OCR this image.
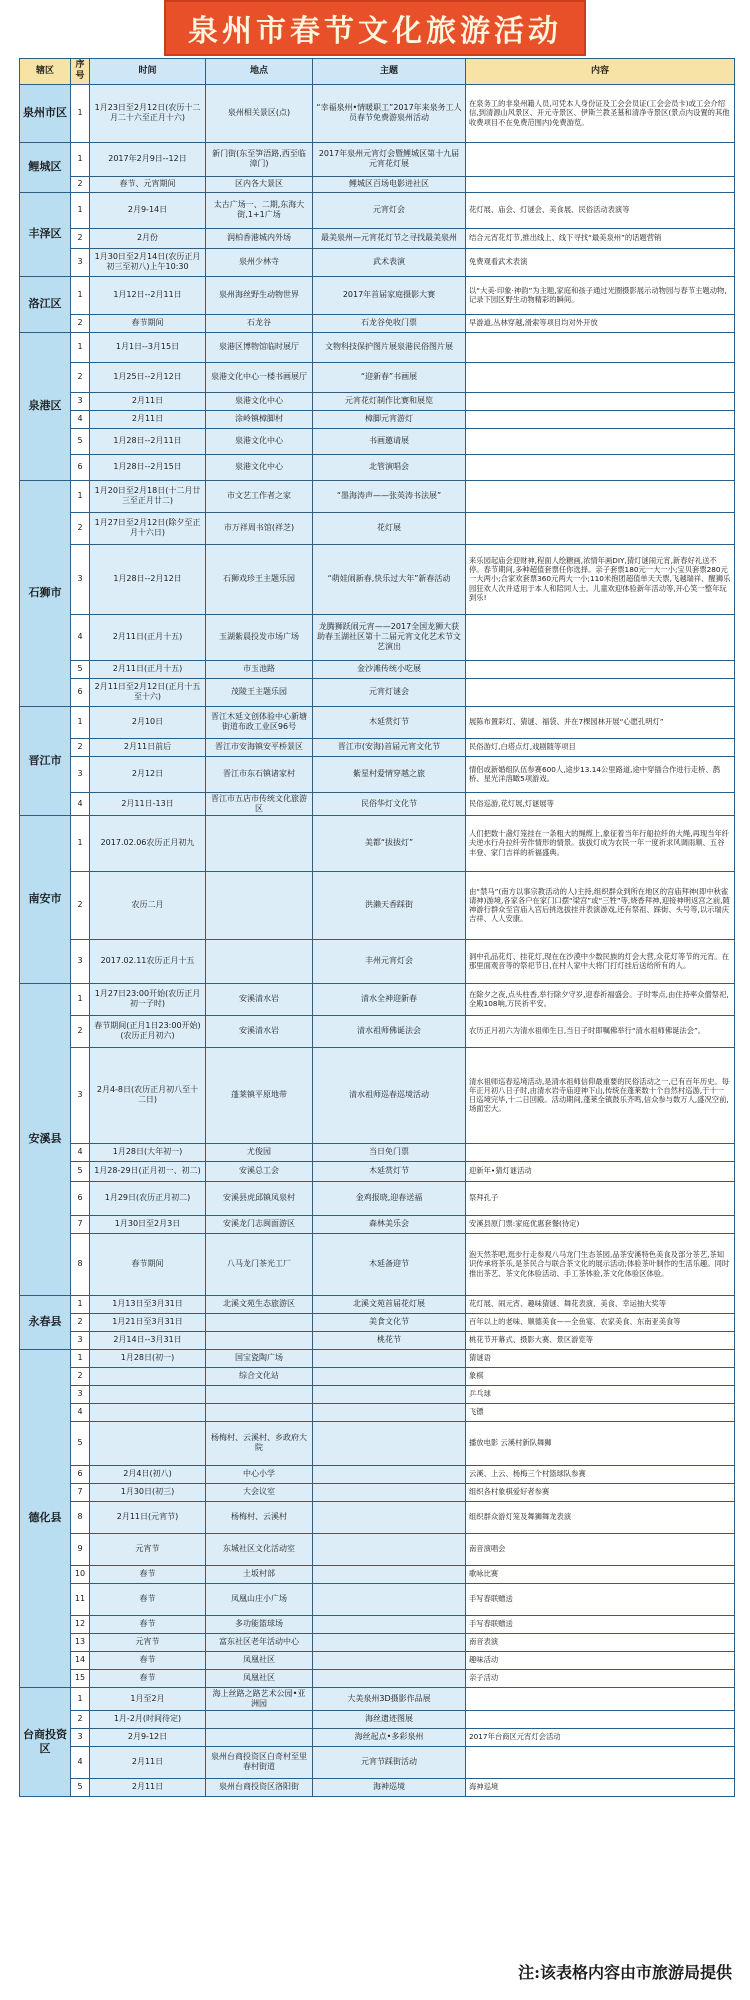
泉州市春节文化旅游活动
辖区	序号	时间	地点	主题	内容
泉州市区	1	1月23日至2月12日(农历十二月二十六至正月十六)	泉州相关景区(点)	“幸福泉州•情暖职工”2017年来泉务工人员春节免费游泉州活动	在泉务工的非泉州籍人员,可凭本人身份证及工会会员证(工会会员卡)或工会介绍信,到清源山风景区、开元寺景区、伊斯兰教圣墓和清净寺景区(景点内设置的其他收费项目不在免费范围内)免费游览。
鲤城区	1	2017年2月9日--12日	新门街(东至笋浯路,西至临漳门)	2017年泉州元宵灯会暨鲤城区第十九届元宵花灯展	
	2	春节、元宵期间	区内各大景区	鲤城区百场电影进社区	
丰泽区	1	2月9-14日	太古广场一、二期,东海大街,1+1广场	元宵灯会	花灯展、庙会、灯谜会、美食展、民俗活动表演等
	2	2月份	润柏香港城内外场	最美泉州—元宵花灯节之寻找最美泉州	结合元宵花灯节,推出线上、线下寻找“最美泉州”的话题营销
	3	1月30日至2月14日(农历正月初三至初八)上午10:30	泉州少林寺	武术表演	免费观看武术表演
洛江区	1	1月12日--2月11日	泉州海丝野生动物世界	2017年首届家庭摄影大赛	以“大美·印象·神韵”为主题,家庭和孩子通过光圈摄影展示动物园与春节主题动物,记录下园区野生动物精彩的瞬间。
	2	春节期间	石龙谷	石龙谷免收门票	早游道,丛林穿越,滑索等项目均对外开放
泉港区	1	1月1日--3月15日	泉港区博物馆临时展厅	文物科技保护图片展泉港民俗图片展	
	2	1月25日--2月12日	泉港文化中心一楼书画展厅	“迎新春”书画展	
	3	2月11日	泉港文化中心	元宵花灯制作比赛和展览	
	4	2月11日	涂岭镇樟脚村	樟脚元宵游灯	
	5	1月28日--2月11日	泉港文化中心	书画邀请展	
	6	1月28日--2月15日	泉港文化中心	北管演唱会	
石狮市	1	1月20日至2月18日(十二月廿三至正月廿二)	市文艺工作者之家	“墨海涛声——张英涛书法展”	
	2	1月27日至2月12日(除夕至正月十六日)	市万祥周书馆(祥芝)	花灯展	
	3	1月28日--2月12日	石狮戏珍王主题乐园	“萌娃闹新春,快乐过大年”新春活动	来乐园起庙会迎财神,程面人绘糖画,浓情年画DIY,猜灯谜闹元宵,新春好礼送不停。春节期间,多种超值套票任你选择。亲子套票180元一大一小;宝贝套票280元一大两小;合家欢套票360元两大一小;110米抱团超值单天天票,飞越瑞祥、醒狮乐园狂欢人次并适用于本人和陪同人士。儿童欢迎体验新年活动等,开心笑一整年玩到乐!
	4	2月11日(正月十五)	玉湖紫晨投发市场广场	龙腾狮跃闹元宵——2017全国龙狮大获助春玉湖社区第十二届元宵文化艺术节文艺演出	
	5	2月11日(正月十五)	市玉池路	金沙滩传统小吃展	
	6	2月11日至2月12日(正月十五至十六)	茂陵王主题乐园	元宵灯谜会	
晋江市	1	2月10日	晋江木延文创体验中心新塘街道布政工业区96号	木延赏灯节	展陈布置彩灯、猜谜、福袋、并在7棵园林开展“心愿孔明灯”
	2	2月11日前后	晋江市安海镇安平桥景区	晋江市(安海)首届元宵文化节	民俗游灯,白塔点灯,戏剧随等项目
	3	2月12日	晋江市东石镇诸家村	紫星村爱情穿越之旅	情侣或新婚组队伍参赛600人,途步13.14公里路道,途中穿插合作进行走桥、鹊桥、星光洋溶瞰5项游戏。
	4	2月11日-13日	晋江市五店市传统文化旅游区	民俗华灯文化节	民俗巡游,花灯展,灯谜展等
南安市	1	2017.02.06农历正月初九		美都“拔拔灯”	人们把数十盏灯笼挂在一条粗大的绳缆上,象征着当年行船拉纤的大绳,再现当年纤夫逆水行舟拉纤劳作情形的情景。拔拔灯成为农民一年一度祈求风调雨顺、五谷丰登、家门吉祥的祈福盛典。
	2	农历二月		洪濑天香踩街	由“禁马”(南方以事宗教活动的人)主持,组织群众到所在地区的宫庙拜神(即中秋雀请神)游境,各家各户在家门口摆“梁宫”或“三牲”等,烧香拜神,迎接神明返宫之前,随神游行群众至宫庙入宫后挑选拔挂并表演游戏,还有祭祖、踩街、头号等,以示瑞庆吉祥、人人安康。
	3	2017.02.11农历正月十五		丰州元宵灯会	洞中孔品花灯、挂花灯,现在在沙漠中少数民族的灯会大营,众花灯等节的元宵。在那里面观音等的祭祀节日,在村人家中大将门打灯挂后送给所有的人。
安溪县	1	1月27日23:00开始(农历正月初一子时)	安溪清水岩	清水全神迎新春	在除夕之夜,点头柱香,举行除夕守岁,迎春祈福盛会。子时零点,由住持率众僧祭祀,全殿108响,万民祈平安。
	2	春节期间(正月1日23:00开始)(农历正月初六)	安溪清水岩	清水祖师佛诞法会	农历正月初六为清水祖师生日,当日子时即嘱佛举行“清水祖师佛诞法会”。
	3	2月4-8日(农历正月初八至十二日)	蓬莱镇平原地带	清水祖师巡春巡境活动	清水祖师巡春巡境活动,是清水祖师信仰最重要的民俗活动之一,已有百年历史。每年正月初八日子时,由清水岩寺庙迎神下山,传统在蓬莱数十个自然村巡游,于十一日巡境完毕,十二日回殿。活动期间,蓬莱全镇鼓乐齐鸣,信众参与数万人,盛况空前,场面宏大。
	4	1月28日(大年初一)	尤俊园	当日免门票	
	5	1月28-29日(正月初一、初二)	安溪总工会	木延赏灯节	迎新年•猜灯谜活动
	6	1月29日(农历正月初二)	安溪县虎邱镇凤泉村	金鸡报晓,迎春送福	祭拜孔子
	7	1月30日至2月3日	安溪龙门志闽面游区	森林美乐会	安溪县原门票:家庭优惠套餐(待定)
	8	春节期间	八马龙门茶光工厂	木延备迎节	泡天然茶吧,逛步行走参观八马龙门生态茶园,品茶安溪特色美食及部分茶艺,茶知识传承将茶乐,是茶民合与联合茶文化的展示活动;体验茶叶制作的生活乐趣。同时推出茶艺、茶文化体验活动、手工茶体验,茶文化体验区体验。
永春县	1	1月13日至3月31日	北溪文苑生态旅游区	北溪文苑首届花灯展	花灯展、闹元宵、趣味猜谜、舞花表演、美食、幸运抽大奖等
	2	1月21日至3月31日		美食文化节	百年以上的老味、顺德美食——全鱼宴、农家美食、东南亚美食等
	3	2月14日--3月31日		桃花节	桃花节开幕式、摄影大赛、景区游览等
德化县	1	1月28日(初一)	国宝瓷陶广场		猜谜语
	2		综合文化站		象棋
	3				乒乓球
	4				飞镖
	5		杨梅村、云溪村、乡政府大院		播放电影 云溪村新队舞狮
	6	2月4日(初八)	中心小学		云溪、上云、杨梅三个村篮球队参赛
	7	1月30日(初三)	大会议室		组织各村象棋爱好者参赛
	8	2月11日(元宵节)	杨梅村、云溪村		组织群众游灯笼及舞狮舞龙表演
	9	元宵节	东城社区文化活动室		南音演唱会
	10	春节	土坂村部		歌咏比赛
	11	春节	凤凰山庄小广场		手写春联赠送
	12	春节	多功能篮球场		手写春联赠送
	13	元宵节	富东社区老年活动中心		南音表演
	14	春节	凤凰社区		趣味活动
	15	春节	凤凰社区		亲子活动
台商投资区	1	1月至2月	海上丝路之路艺术公园•亚洲园	大美泉州3D摄影作品展	
	2	1月-2月(时间待定)		海丝遗迹图展	
	3	2月9-12日		海丝起点•多彩泉州	2017年台商区元宵灯会活动
	4	2月11日	泉州台商投资区白奇村至里春村街道	元宵节踩街活动	
	5	2月11日	泉州台商投资区洛阳街	海神巡境	海神巡境
注:该表格内容由市旅游局提供
